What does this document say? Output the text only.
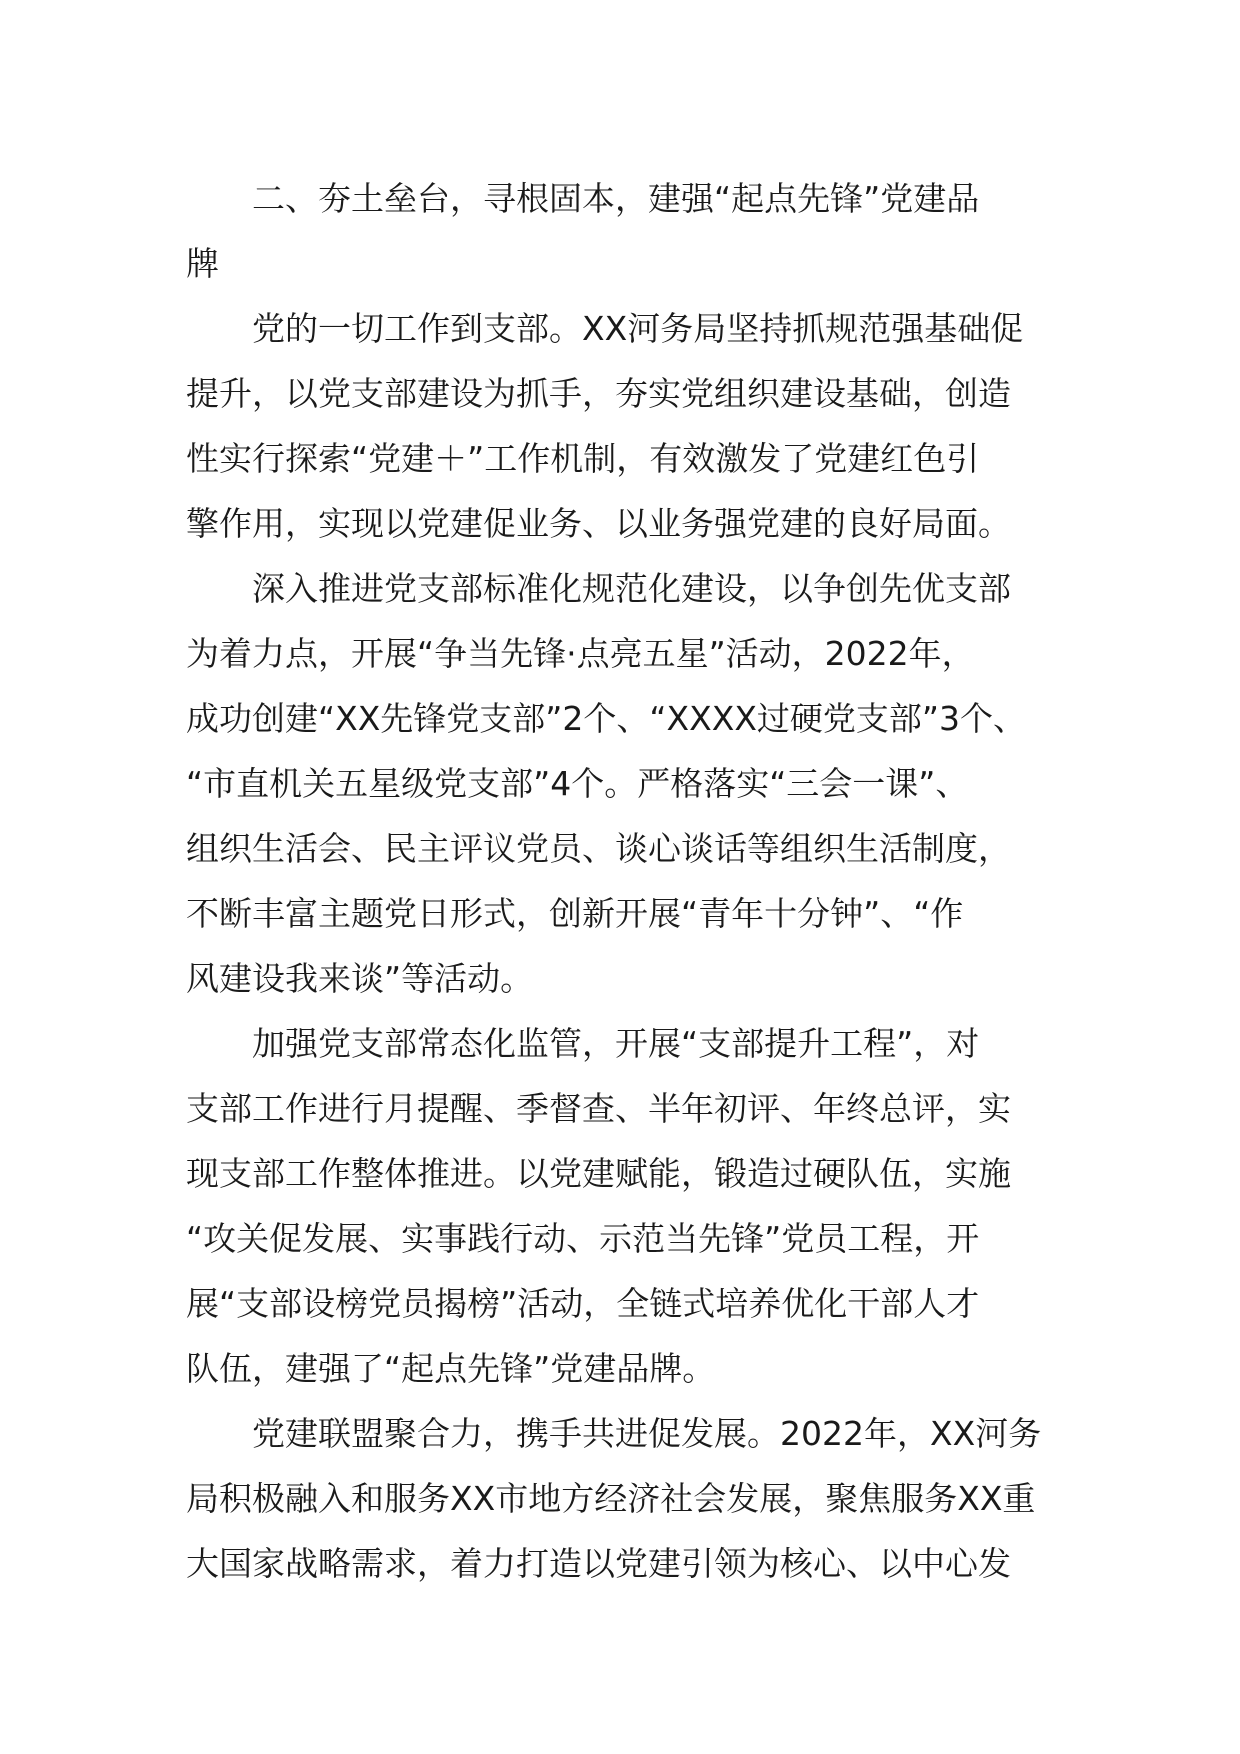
二、夯土垒台，寻根固本，建强“起点先锋”党建品
牌
党的一切工作到支部。XX河务局坚持抓规范强基础促
提升，以党支部建设为抓手，夯实党组织建设基础，创造
性实行探索“党建＋”工作机制，有效激发了党建红色引
擎作用，实现以党建促业务、以业务强党建的良好局面。
深入推进党支部标准化规范化建设，以争创先优支部
为着力点，开展“争当先锋·点亮五星”活动，2022年，
成功创建“XX先锋党支部”2个、“XXXX过硬党支部”3个、
“市直机关五星级党支部”4个。严格落实“三会一课”、
组织生活会、民主评议党员、谈心谈话等组织生活制度，
不断丰富主题党日形式，创新开展“青年十分钟”、“作
风建设我来谈”等活动。
加强党支部常态化监管，开展“支部提升工程”，对
支部工作进行月提醒、季督查、半年初评、年终总评，实
现支部工作整体推进。以党建赋能，锻造过硬队伍，实施
“攻关促发展、实事践行动、示范当先锋”党员工程，开
展“支部设榜党员揭榜”活动，全链式培养优化干部人才
队伍，建强了“起点先锋”党建品牌。
党建联盟聚合力，携手共进促发展。2022年，XX河务
局积极融入和服务XX市地方经济社会发展，聚焦服务XX重
大国家战略需求，着力打造以党建引领为核心、以中心发
